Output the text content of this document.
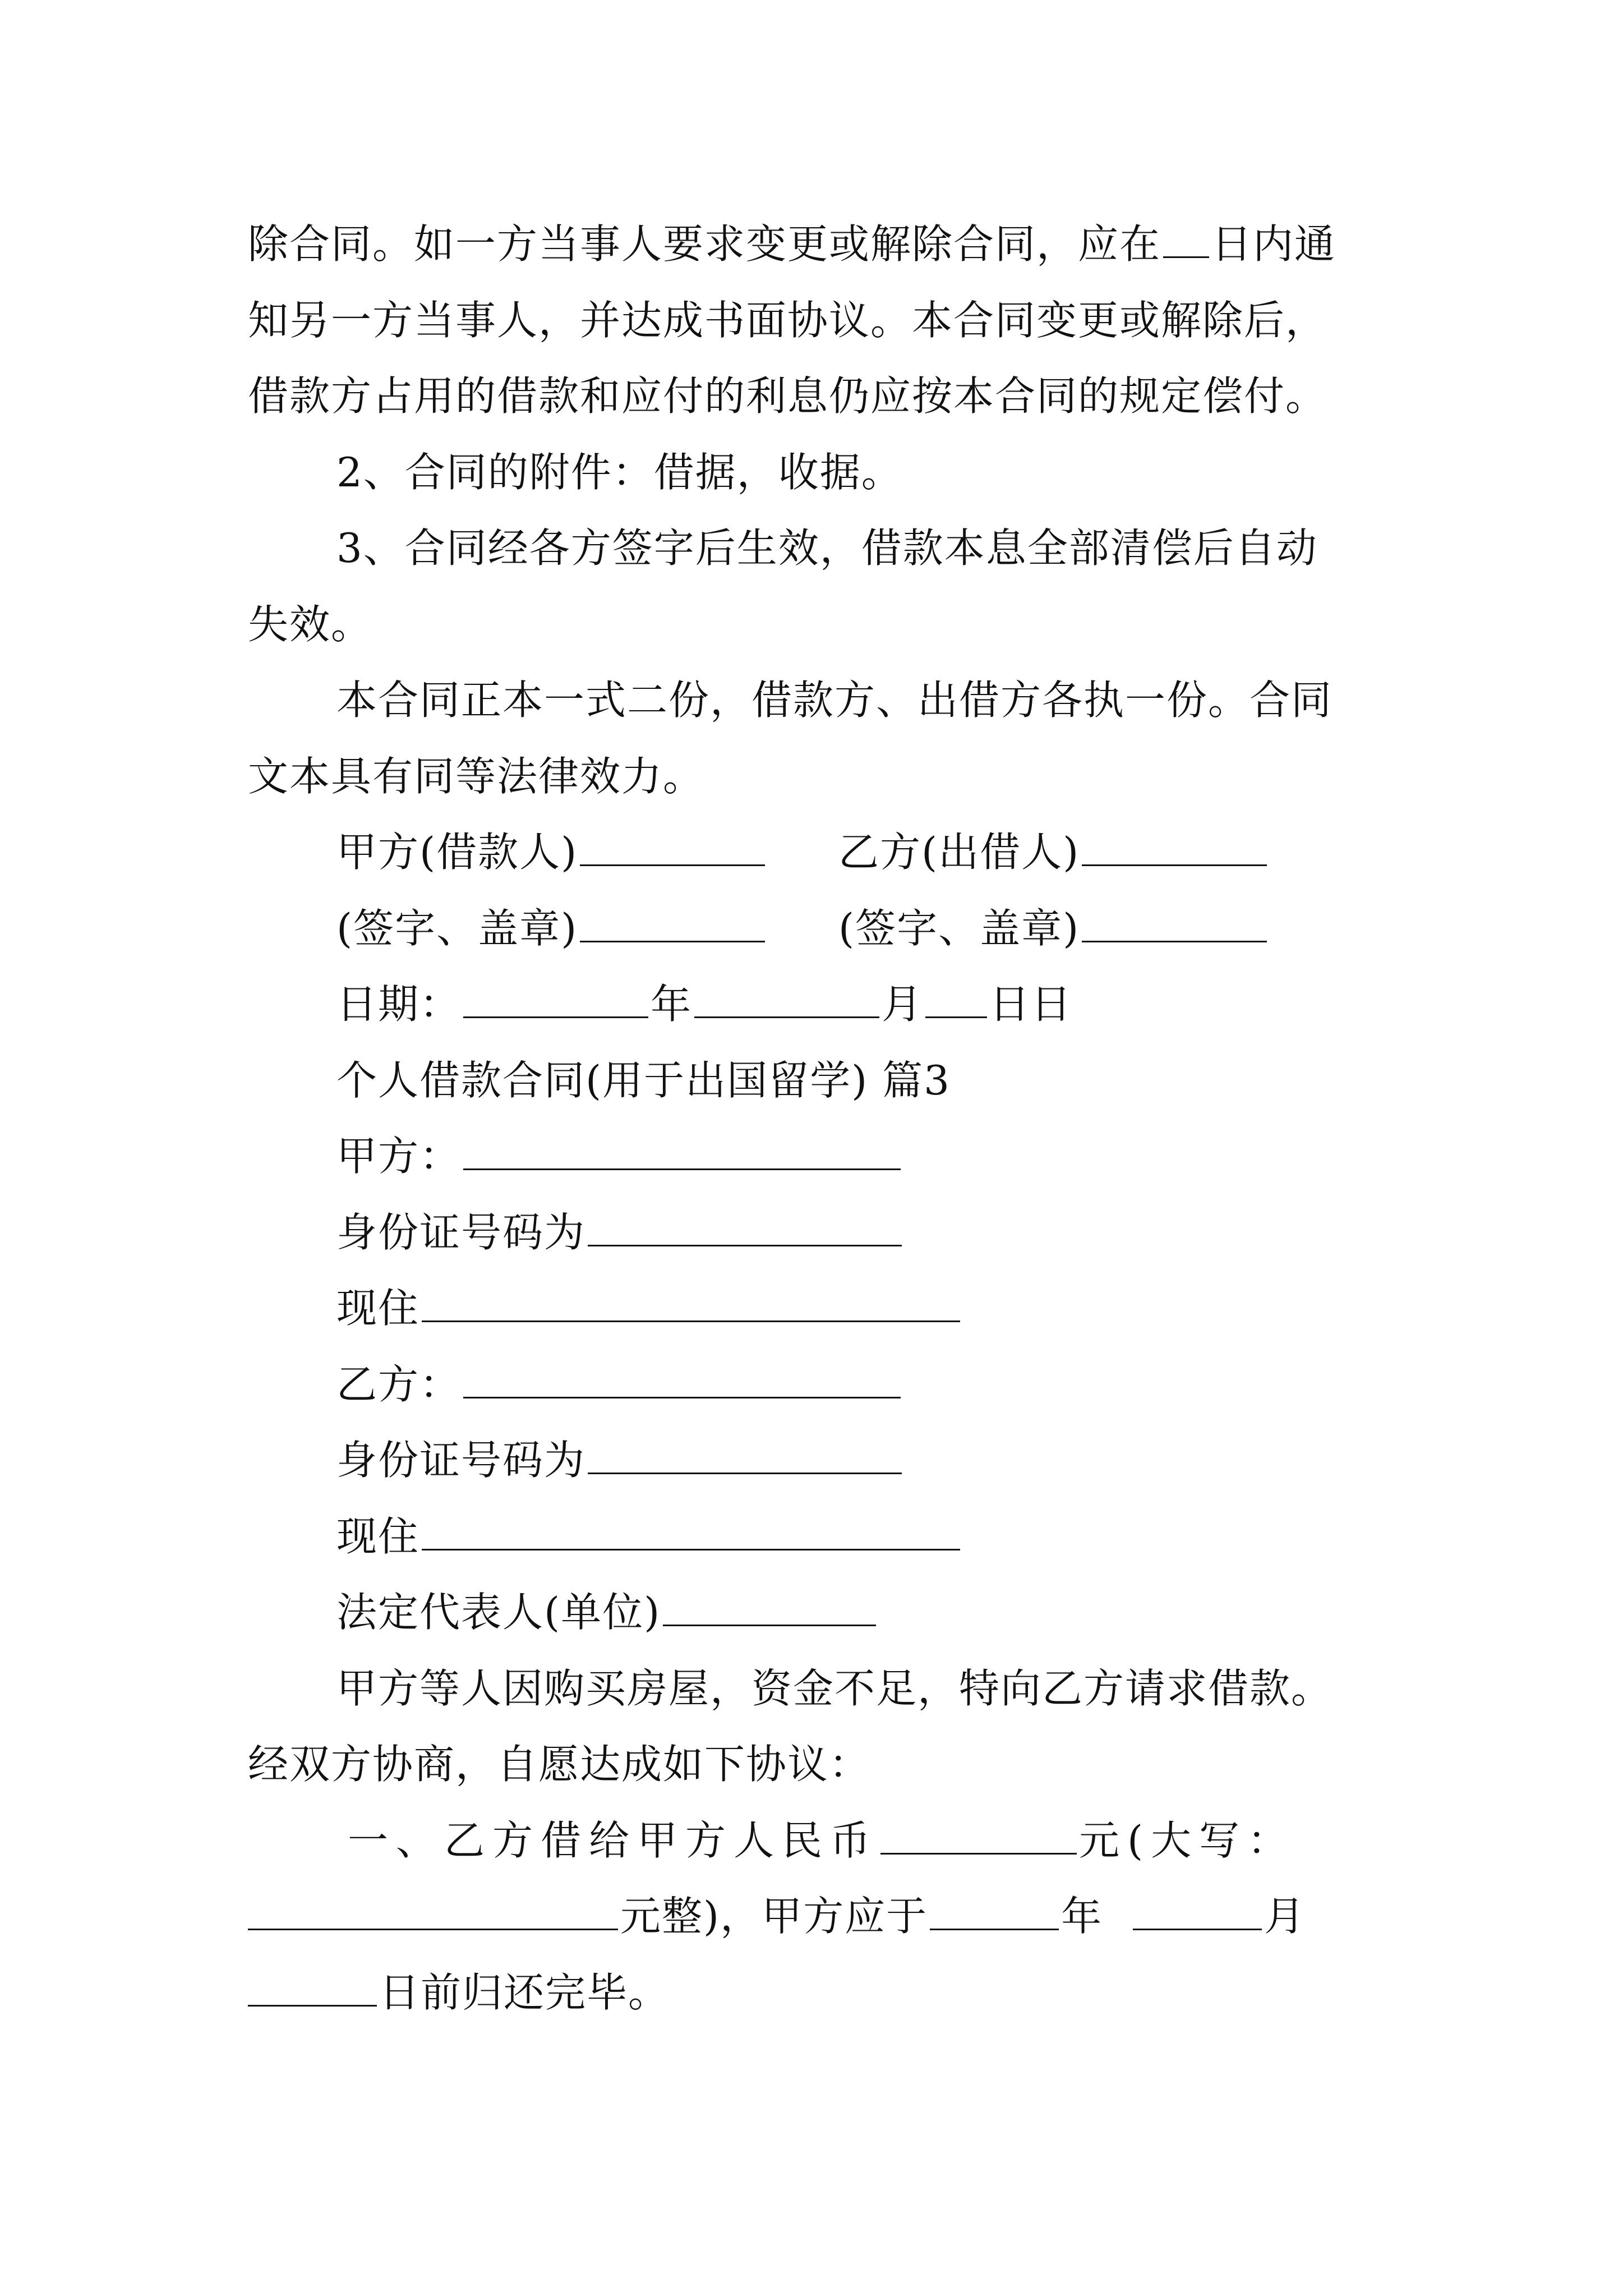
除合同。如一方当事人要求变更或解除合同，应在 日内通
知另一方当事人，并达成书面协议。本合同变更或解除后，
借款方占用的借款和应付的利息仍应按本合同的规定偿付。
2、合同的附件：借据，收据。
3、合同经各方签字后生效，借款本息全部清偿后自动
失效。
本合同正本一式二份，借款方、出借方各执一份。合同
文本具有同等法律效力。
甲方(借款人)	乙方(出借人)
(签字、盖章)	(签字、盖章)
日期：	年	月 日日
个人借款合同(用于出国留学) 篇3
甲方：
身份证号码为
现住
乙方：
身份证号码为
现住
法定代表人(单位)
甲方等人因购买房屋，资金不足，特向乙方请求借款。
经双方协商，自愿达成如下协议：
一、乙方借给甲方人民币	元(大写：
元整)，甲方应于	年	月
日前归还完毕。
